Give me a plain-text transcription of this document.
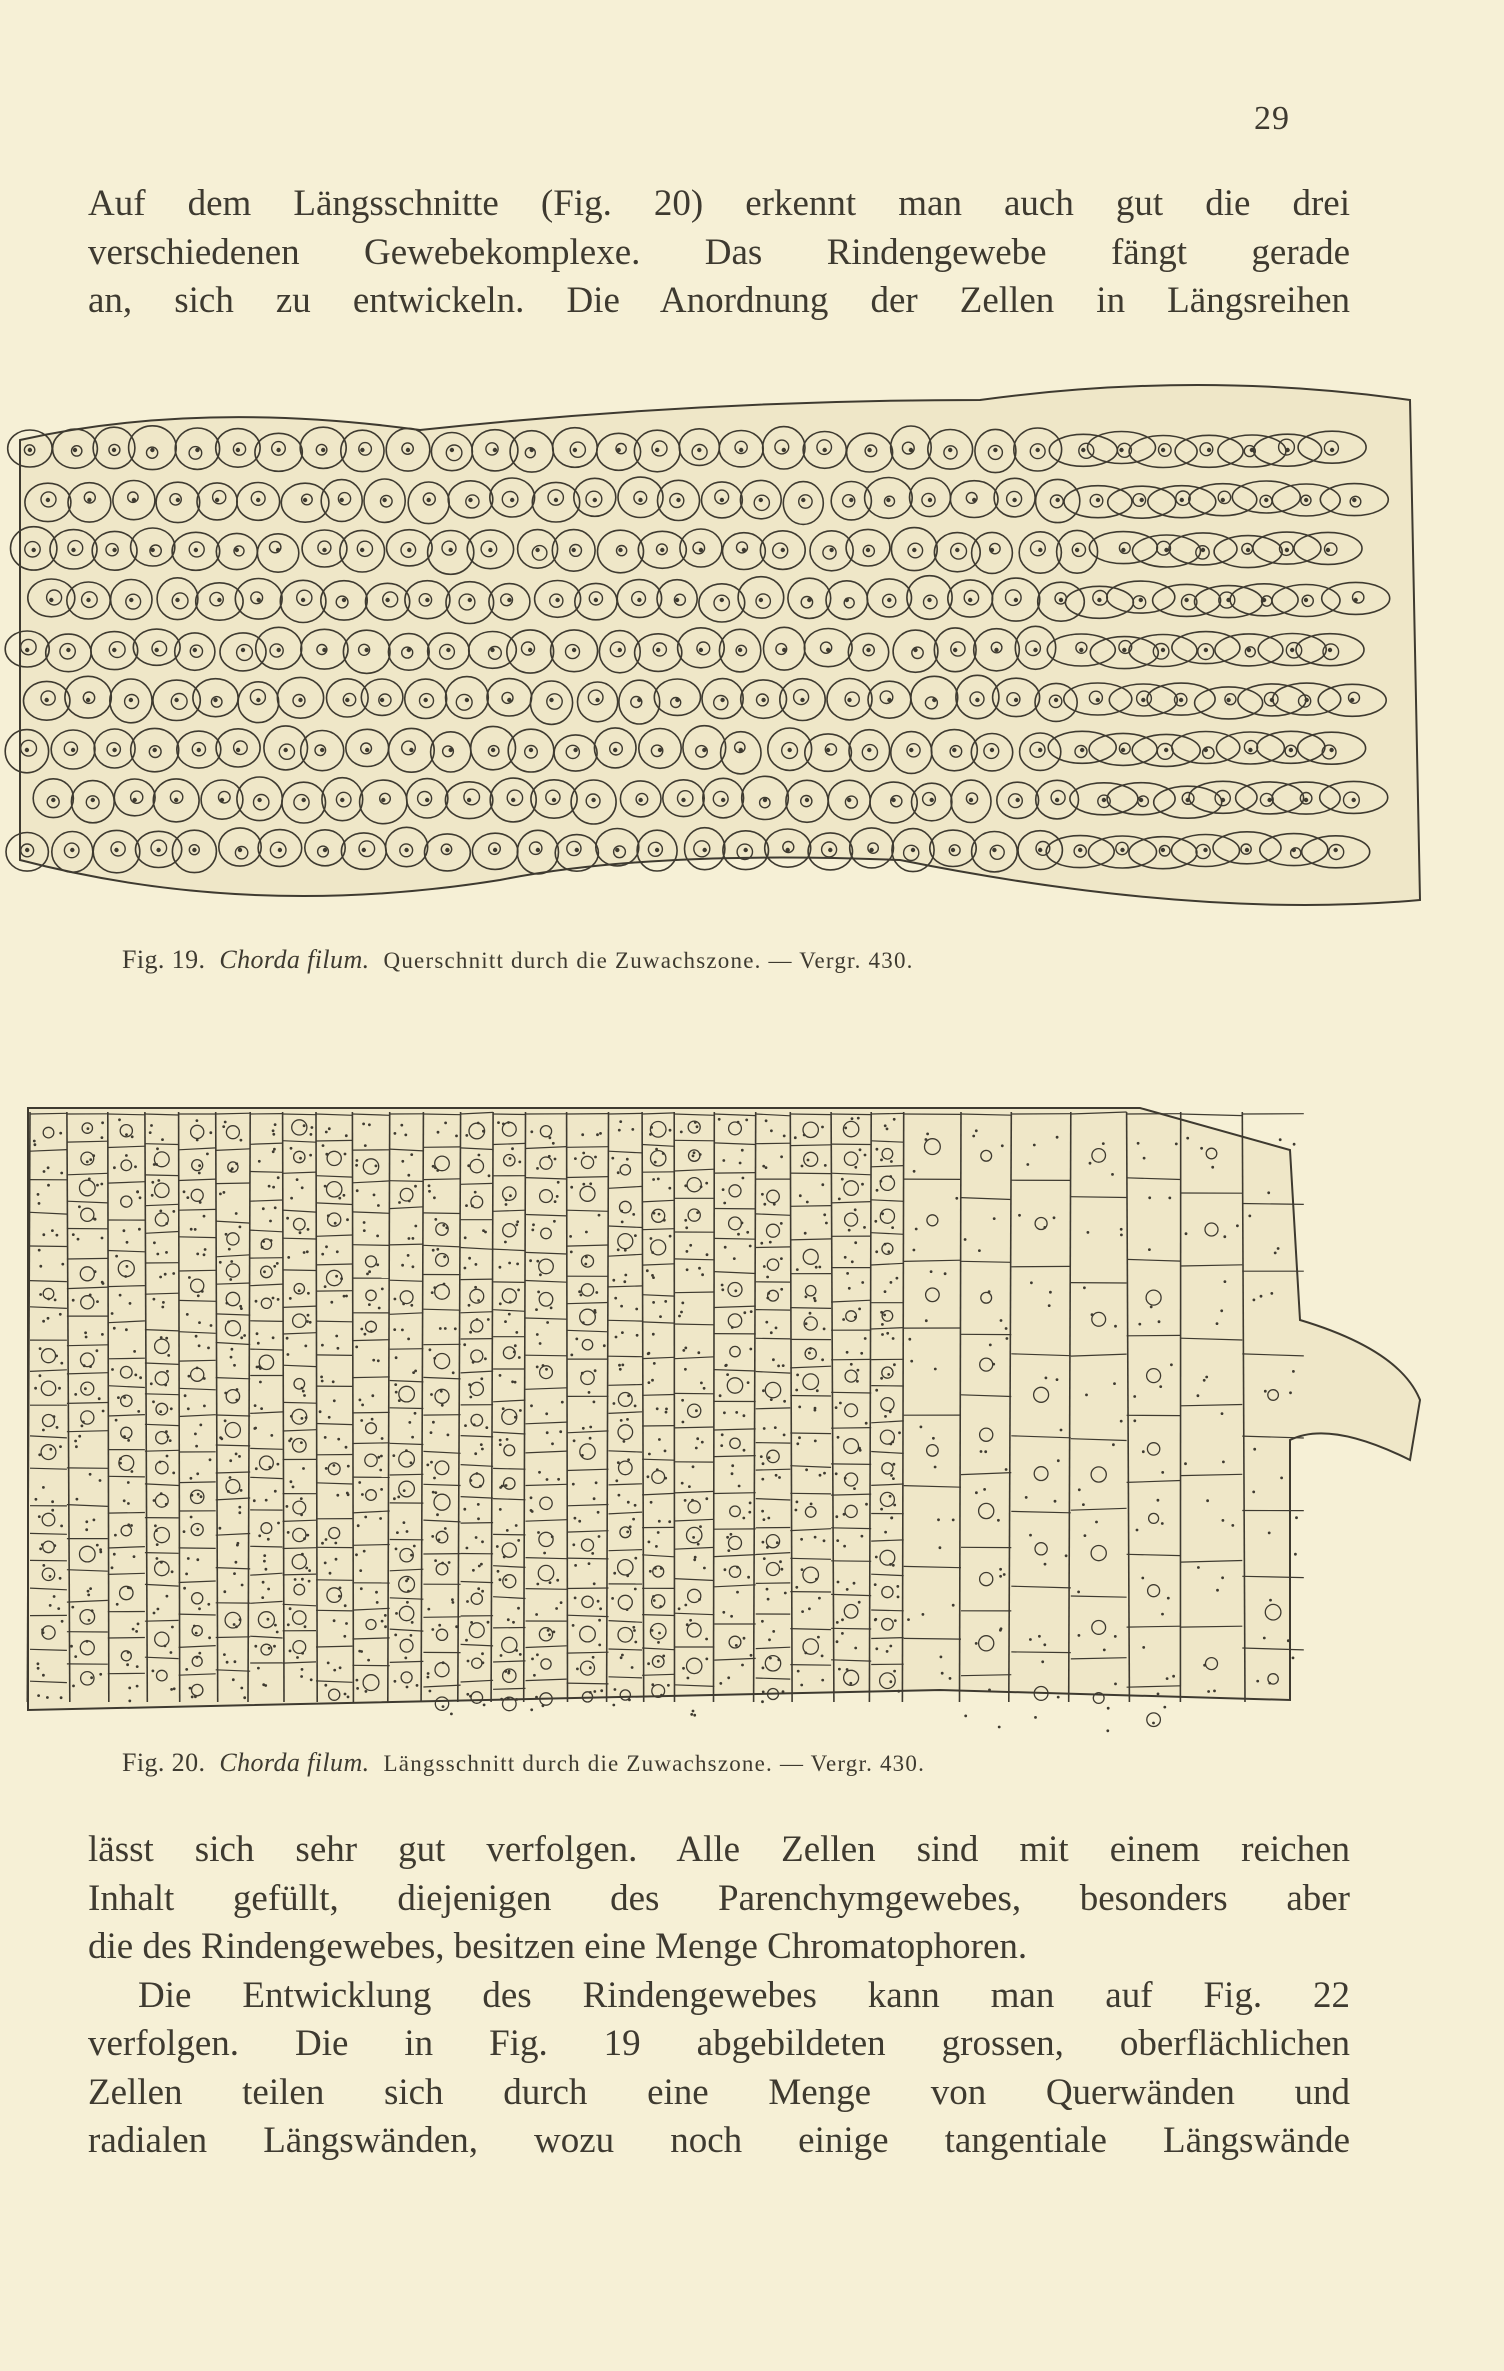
29
Auf dem Längsschnitte (Fig. 20) erkennt man auch gut die drei
verschiedenen Gewebekomplexe. Das Rindengewebe fängt gerade
an, sich zu entwickeln. Die Anordnung der Zellen in Längsreihen
Fig. 19. Chorda filum. Querschnitt durch die Zuwachszone. — Vergr. 430.
Fig. 20. Chorda filum. Längsschnitt durch die Zuwachszone. — Vergr. 430.
lässt sich sehr gut verfolgen. Alle Zellen sind mit einem reichen
Inhalt gefüllt, diejenigen des Parenchymgewebes, besonders aber
die des Rindengewebes, besitzen eine Menge Chromatophoren.
Die Entwicklung des Rindengewebes kann man auf Fig. 22
verfolgen. Die in Fig. 19 abgebildeten grossen, oberflächlichen
Zellen teilen sich durch eine Menge von Querwänden und
radialen Längswänden, wozu noch einige tangentiale Längswände
